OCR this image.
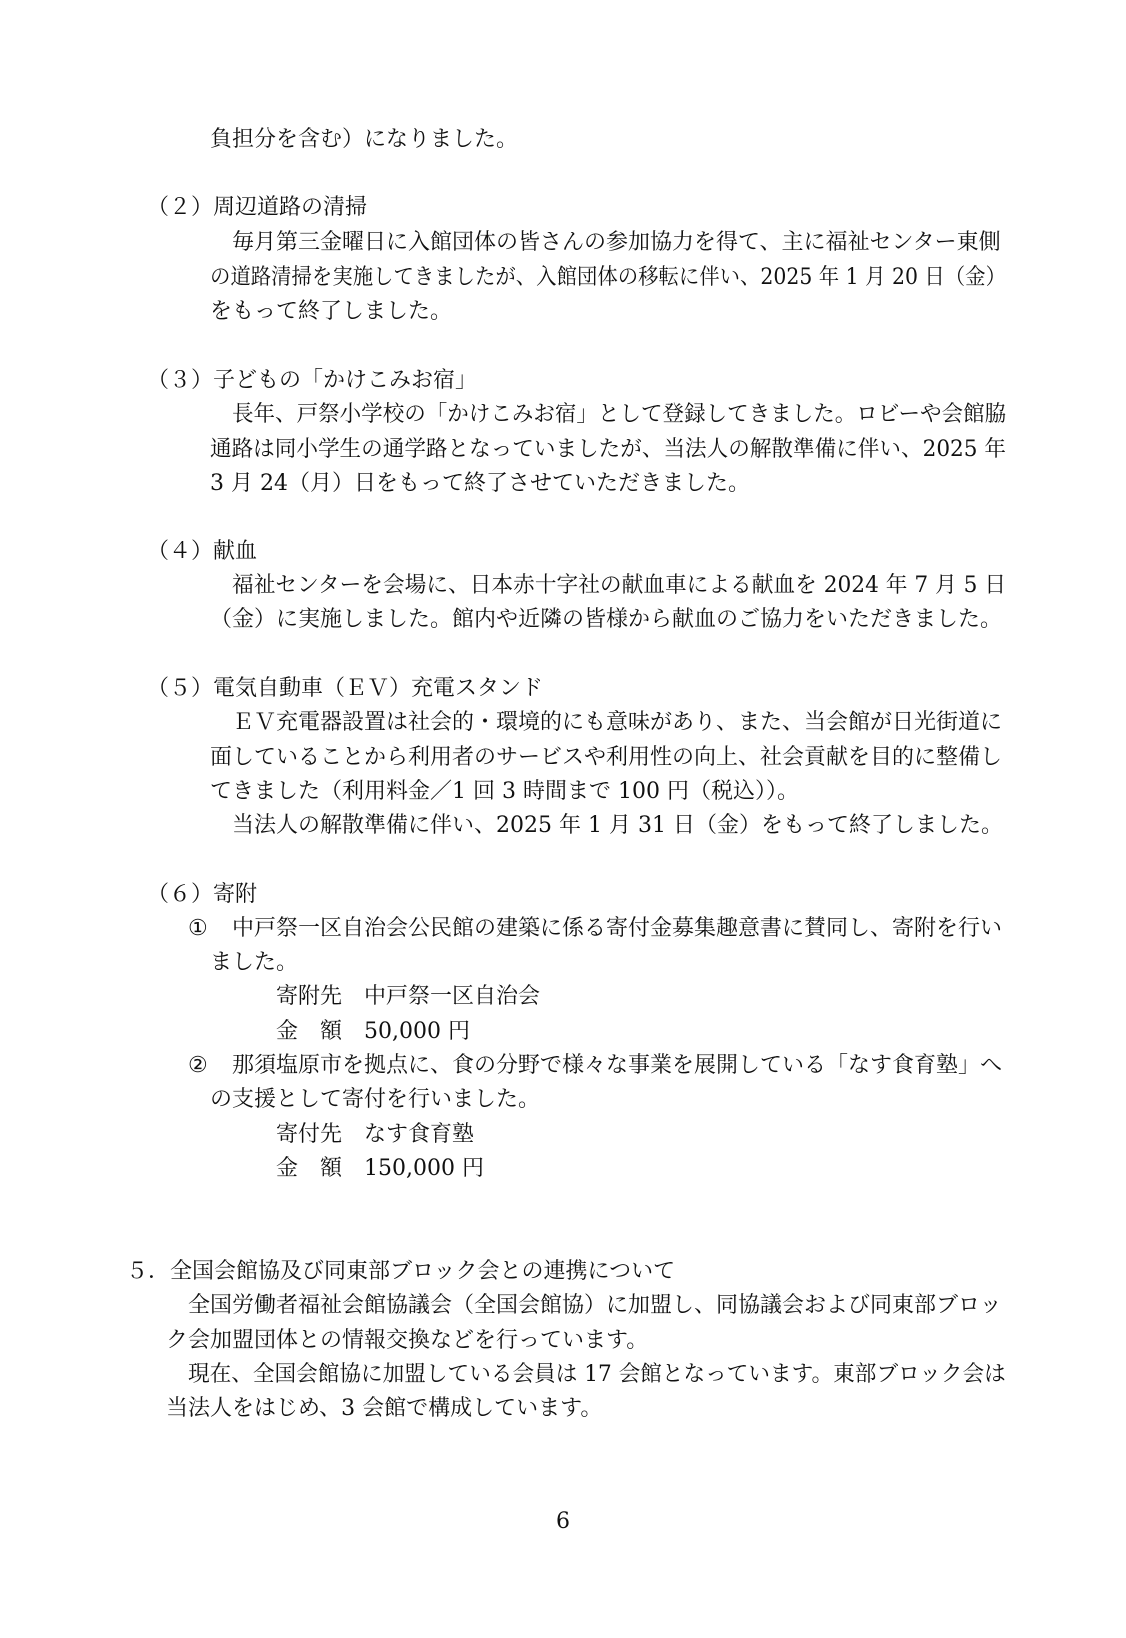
負担分を含む）になりました。
（２）周辺道路の清掃
毎月第三金曜日に入館団体の皆さんの参加協力を得て、主に福祉センター東側
の道路清掃を実施してきましたが、入館団体の移転に伴い、2025 年 1 月 20 日（金）
をもって終了しました。
（３）子どもの「かけこみお宿」
長年、戸祭小学校の「かけこみお宿」として登録してきました。ロビーや会館脇
通路は同小学生の通学路となっていましたが、当法人の解散準備に伴い、2025 年
3 月 24（月）日をもって終了させていただきました。
（４）献血
福祉センターを会場に、日本赤十字社の献血車による献血を 2024 年 7 月 5 日
（金）に実施しました。館内や近隣の皆様から献血のご協力をいただきました。
（５）電気自動車（ＥＶ）充電スタンド
ＥＶ充電器設置は社会的・環境的にも意味があり、また、当会館が日光街道に
面していることから利用者のサービスや利用性の向上、社会貢献を目的に整備し
てきました（利用料金／1 回 3 時間まで 100 円（税込））。
当法人の解散準備に伴い、2025 年 1 月 31 日（金）をもって終了しました。
（６）寄附
① 中戸祭一区自治会公民館の建築に係る寄付金募集趣意書に賛同し、寄附を行い
ました。
寄附先　中戸祭一区自治会
金　額　50,000 円
② 那須塩原市を拠点に、食の分野で様々な事業を展開している「なす食育塾」へ
の支援として寄付を行いました。
寄付先　なす食育塾
金　額　150,000 円
５．全国会館協及び同東部ブロック会との連携について
全国労働者福祉会館協議会（全国会館協）に加盟し、同協議会および同東部ブロッ
ク会加盟団体との情報交換などを行っています。
現在、全国会館協に加盟している会員は 17 会館となっています。東部ブロック会は
当法人をはじめ、3 会館で構成しています。
6
